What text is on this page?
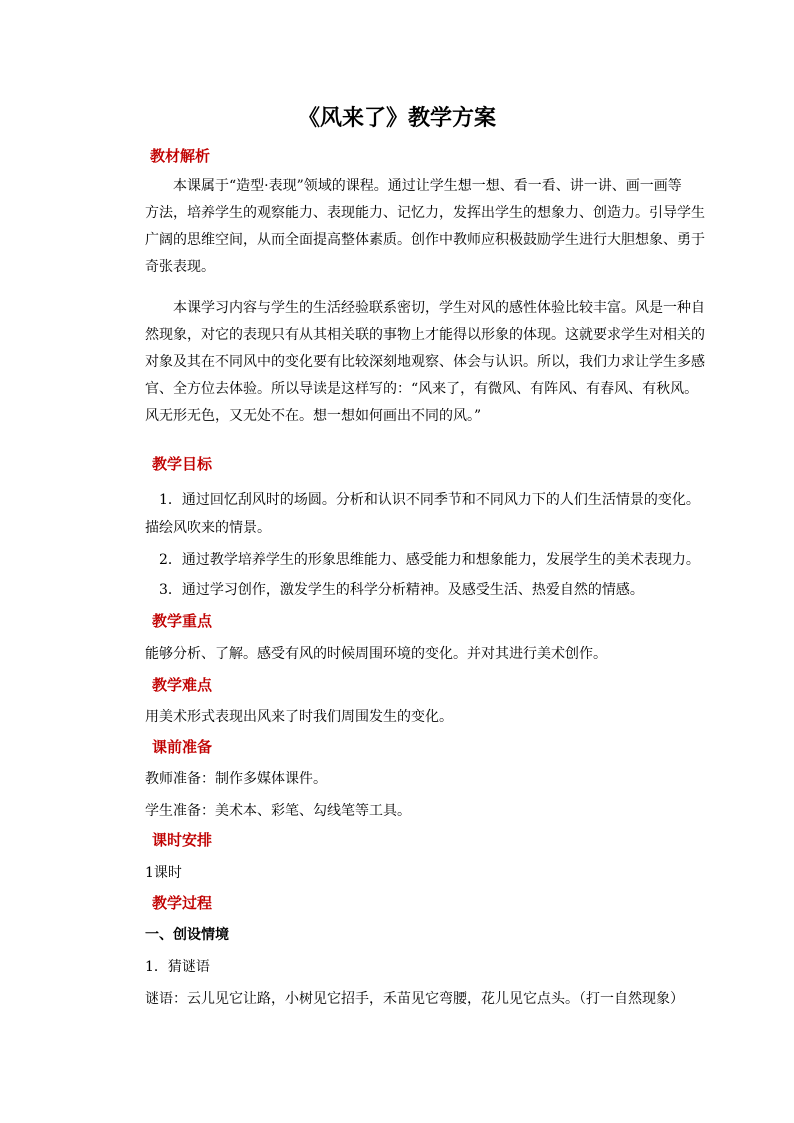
《风来了》教学方案
教材解析
　　本课属于“造型·表现”领域的课程。通过让学生想一想、看一看、讲一讲、画一画等
方法，培养学生的观察能力、表现能力、记忆力，发挥出学生的想象力、创造力。引导学生
广阔的思维空间，从而全面提高整体素质。创作中教师应积极鼓励学生进行大胆想象、勇于
奇张表现。
　　本课学习内容与学生的生活经验联系密切，学生对风的感性体验比较丰富。风是一种自
然现象，对它的表现只有从其相关联的事物上才能得以形象的体现。这就要求学生对相关的
对象及其在不同风中的变化要有比较深刻地观察、体会与认识。所以，我们力求让学生多感
官、全方位去体验。所以导读是这样写的：“风来了，有微风、有阵风、有春风、有秋风。
风无形无色，又无处不在。想一想如何画出不同的风。”
教学目标
　1．通过回忆刮风时的场圆。分析和认识不同季节和不同风力下的人们生活情景的变化。
描绘风吹来的情景。
　2．通过教学培养学生的形象思维能力、感受能力和想象能力，发展学生的美术表现力。
　3．通过学习创作，激发学生的科学分析精神。及感受生活、热爱自然的情感。
教学重点
能够分析、了解。感受有风的时候周围环境的变化。并对其进行美术创作。
教学难点
用美术形式表现出风来了时我们周围发生的变化。
课前准备
教师准备：制作多媒体课件。
学生准备：美术本、彩笔、勾线笔等工具。
课时安排
1课时
教学过程
一、创设情境
1．猜谜语
谜语：云儿见它让路，小树见它招手，禾苗见它弯腰，花儿见它点头。（打一自然现象）
